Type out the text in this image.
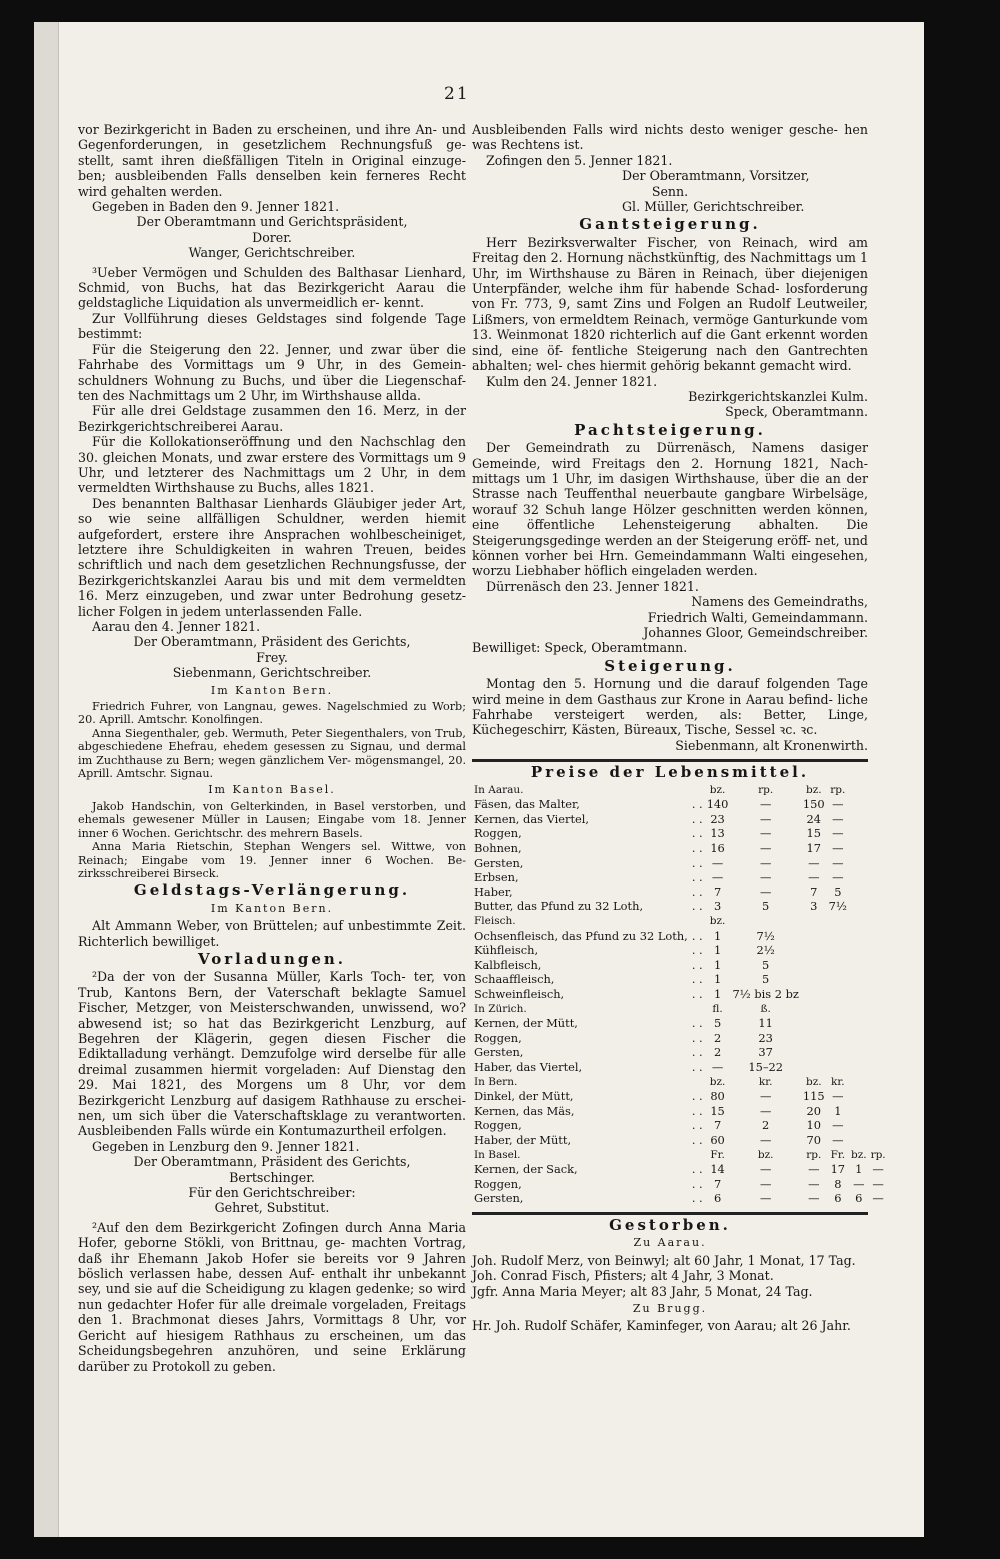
21

vor Bezirkgericht in Baden zu erscheinen, und ihre An- und Gegenforderungen, in gesetzlichem Rechnungsfuß ge- stellt, samt ihren dießfälligen Titeln in Original einzuge- ben; ausbleibenden Falls denselben kein ferneres Recht wird gehalten werden.

Gegeben in Baden den 9. Jenner 1821.

Der Oberamtmann und Gerichtspräsident,

Dorer.

Wanger, Gerichtschreiber.

³Ueber Vermögen und Schulden des Balthasar Lienhard, Schmid, von Buchs, hat das Bezirkgericht Aarau die geldstagliche Liquidation als unvermeidlich er- kennt.

Zur Vollführung dieses Geldstages sind folgende Tage bestimmt:

Für die Steigerung den 22. Jenner, und zwar über die Fahrhabe des Vormittags um 9 Uhr, in des Gemein- schuldners Wohnung zu Buchs, und über die Liegenschaf- ten des Nachmittags um 2 Uhr, im Wirthshause allda.

Für alle drei Geldstage zusammen den 16. Merz, in der Bezirkgerichtschreiberei Aarau.

Für die Kollokationseröffnung und den Nachschlag den 30. gleichen Monats, und zwar erstere des Vormittags um 9 Uhr, und letzterer des Nachmittags um 2 Uhr, in dem vermeldten Wirthshause zu Buchs, alles 1821.

Des benannten Balthasar Lienhards Gläubiger jeder Art, so wie seine allfälligen Schuldner, werden hiemit aufgefordert, erstere ihre Ansprachen wohlbescheiniget, letztere ihre Schuldigkeiten in wahren Treuen, beides schriftlich und nach dem gesetzlichen Rechnungsfusse, der Bezirkgerichtskanzlei Aarau bis und mit dem vermeldten 16. Merz einzugeben, und zwar unter Bedrohung gesetz- licher Folgen in jedem unterlassenden Falle.

Aarau den 4. Jenner 1821.

Der Oberamtmann, Präsident des Gerichts,

Frey.

Siebenmann, Gerichtschreiber.

Im Kanton Bern.

Friedrich Fuhrer, von Langnau, gewes. Nagelschmied zu Worb; 20. Aprill. Amtschr. Konolfingen.

Anna Siegenthaler, geb. Wermuth, Peter Siegenthalers, von Trub, abgeschiedene Ehefrau, ehedem gesessen zu Signau, und dermal im Zuchthause zu Bern; wegen gänzlichem Ver- mögensmangel, 20. Aprill. Amtschr. Signau.

Im Kanton Basel.

Jakob Handschin, von Gelterkinden, in Basel verstorben, und ehemals gewesener Müller in Lausen; Eingabe vom 18. Jenner inner 6 Wochen. Gerichtschr. des mehrern Basels.

Anna Maria Rietschin, Stephan Wengers sel. Wittwe, von Reinach; Eingabe vom 19. Jenner inner 6 Wochen. Be- zirksschreiberei Birseck.

Geldstags-Verlängerung.

Im Kanton Bern.

Alt Ammann Weber, von Brüttelen; auf unbestimmte Zeit. Richterlich bewilliget.

Vorladungen.

²Da der von der Susanna Müller, Karls Toch- ter, von Trub, Kantons Bern, der Vaterschaft beklagte Samuel Fischer, Metzger, von Meisterschwanden, unwissend, wo? abwesend ist; so hat das Bezirkgericht Lenzburg, auf Begehren der Klägerin, gegen diesen Fischer die Ediktalladung verhängt. Demzufolge wird derselbe für alle dreimal zusammen hiermit vorgeladen: Auf Dienstag den 29. Mai 1821, des Morgens um 8 Uhr, vor dem Bezirkgericht Lenzburg auf dasigem Rathhause zu erschei- nen, um sich über die Vaterschaftsklage zu verantworten. Ausbleibenden Falls würde ein Kontumazurtheil erfolgen.

Gegeben in Lenzburg den 9. Jenner 1821.

Der Oberamtmann, Präsident des Gerichts,

Bertschinger.

Für den Gerichtschreiber:

Gehret, Substitut.

²Auf den dem Bezirkgericht Zofingen durch Anna Maria Hofer, geborne Stökli, von Brittnau, ge- machten Vortrag, daß ihr Ehemann Jakob Hofer sie bereits vor 9 Jahren böslich verlassen habe, dessen Auf- enthalt ihr unbekannt sey, und sie auf die Scheidigung zu klagen gedenke; so wird nun gedachter Hofer für alle dreimale vorgeladen, Freitags den 1. Brachmonat dieses Jahrs, Vormittags 8 Uhr, vor Gericht auf hiesigem Rathhaus zu erscheinen, um das Scheidungsbegehren anzuhören, und seine Erklärung darüber zu Protokoll zu geben.

Ausbleibenden Falls wird nichts desto weniger gesche- hen was Rechtens ist.

Zofingen den 5. Jenner 1821.

Der Oberamtmann, Vorsitzer,

Senn.

Gl. Müller, Gerichtschreiber.

Gantsteigerung.

Herr Bezirksverwalter Fischer, von Reinach, wird am Freitag den 2. Hornung nächstkünftig, des Nachmittags um 1 Uhr, im Wirthshause zu Bären in Reinach, über diejenigen Unterpfänder, welche ihm für habende Schad- losforderung von Fr. 773, 9, samt Zins und Folgen an Rudolf Leutweiler, Lißmers, von ermeldtem Reinach, vermöge Ganturkunde vom 13. Weinmonat 1820 richterlich auf die Gant erkennt worden sind, eine öf- fentliche Steigerung nach den Gantrechten abhalten; wel- ches hiermit gehörig bekannt gemacht wird.

Kulm den 24. Jenner 1821.

Bezirkgerichtskanzlei Kulm.

Speck, Oberamtmann.

Pachtsteigerung.

Der Gemeindrath zu Dürrenäsch, Namens dasiger Gemeinde, wird Freitags den 2. Hornung 1821, Nach- mittags um 1 Uhr, im dasigen Wirthshause, über die an der Strasse nach Teuffenthal neuerbaute gangbare Wirbelsäge, worauf 32 Schuh lange Hölzer geschnitten werden können, eine öffentliche Lehensteigerung abhalten. Die Steigerungsgedinge werden an der Steigerung eröff- net, und können vorher bei Hrn. Gemeindammann Walti eingesehen, worzu Liebhaber höflich eingeladen werden.

Dürrenäsch den 23. Jenner 1821.

Namens des Gemeindraths,

Friedrich Walti, Gemeindammann.

Johannes Gloor, Gemeindschreiber.

Bewilliget: Speck, Oberamtmann.

Steigerung.

Montag den 5. Hornung und die darauf folgenden Tage wird meine in dem Gasthaus zur Krone in Aarau befind- liche Fahrhabe versteigert werden, als: Better, Linge, Küchegeschirr, Kästen, Büreaux, Tische, Sessel ꝛc. ꝛc.

Siebenmann, alt Kronenwirth.

Preise der Lebensmittel.

In Aarau.		bz.	rp.	bz.	rp.		
Fäsen, das Malter,	. .	140	—	150	—		
Kernen, das Viertel,	. .	23	—	24	—		
Roggen,	. .	13	—	15	—		
Bohnen,	. .	16	—	17	—		
Gersten,	. .	—	—	—	—		
Erbsen,	. .	—	—	—	—		
Haber,	. .	7	—	7	5		
Butter, das Pfund zu 32 Loth,	. .	3	5	3	7½		
Fleisch.		bz.					
Ochsenfleisch, das Pfund zu 32 Loth,	. .	1	7½				
Kühfleisch,	. .	1	2½				
Kalbfleisch,	. .	1	5				
Schaaffleisch,	. .	1	5				
Schweinfleisch,	. .	1	7½ bis 2 bz				
In Zürich.		fl.	ß.				
Kernen, der Mütt,	. .	5	11				
Roggen,	. .	2	23				
Gersten,	. .	2	37				
Haber, das Viertel,	. .	—	15–22				
In Bern.		bz.	kr.	bz.	kr.		
Dinkel, der Mütt,	. .	80	—	115	—		
Kernen, das Mäs,	. .	15	—	20	1		
Roggen,	. .	7	2	10	—		
Haber, der Mütt,	. .	60	—	70	—		
In Basel.		Fr.	bz.	rp.	Fr.	bz.	rp.
Kernen, der Sack,	. .	14	—	—	17	1	—
Roggen,	. .	7	—	—	8	—	—
Gersten,	. .	6	—	—	6	6	—

Gestorben.

Zu Aarau.

Joh. Rudolf Merz, von Beinwyl; alt 60 Jahr, 1 Monat, 17 Tag.

Joh. Conrad Fisch, Pfisters; alt 4 Jahr, 3 Monat.

Jgfr. Anna Maria Meyer; alt 83 Jahr, 5 Monat, 24 Tag.

Zu Brugg.

Hr. Joh. Rudolf Schäfer, Kaminfeger, von Aarau; alt 26 Jahr.
